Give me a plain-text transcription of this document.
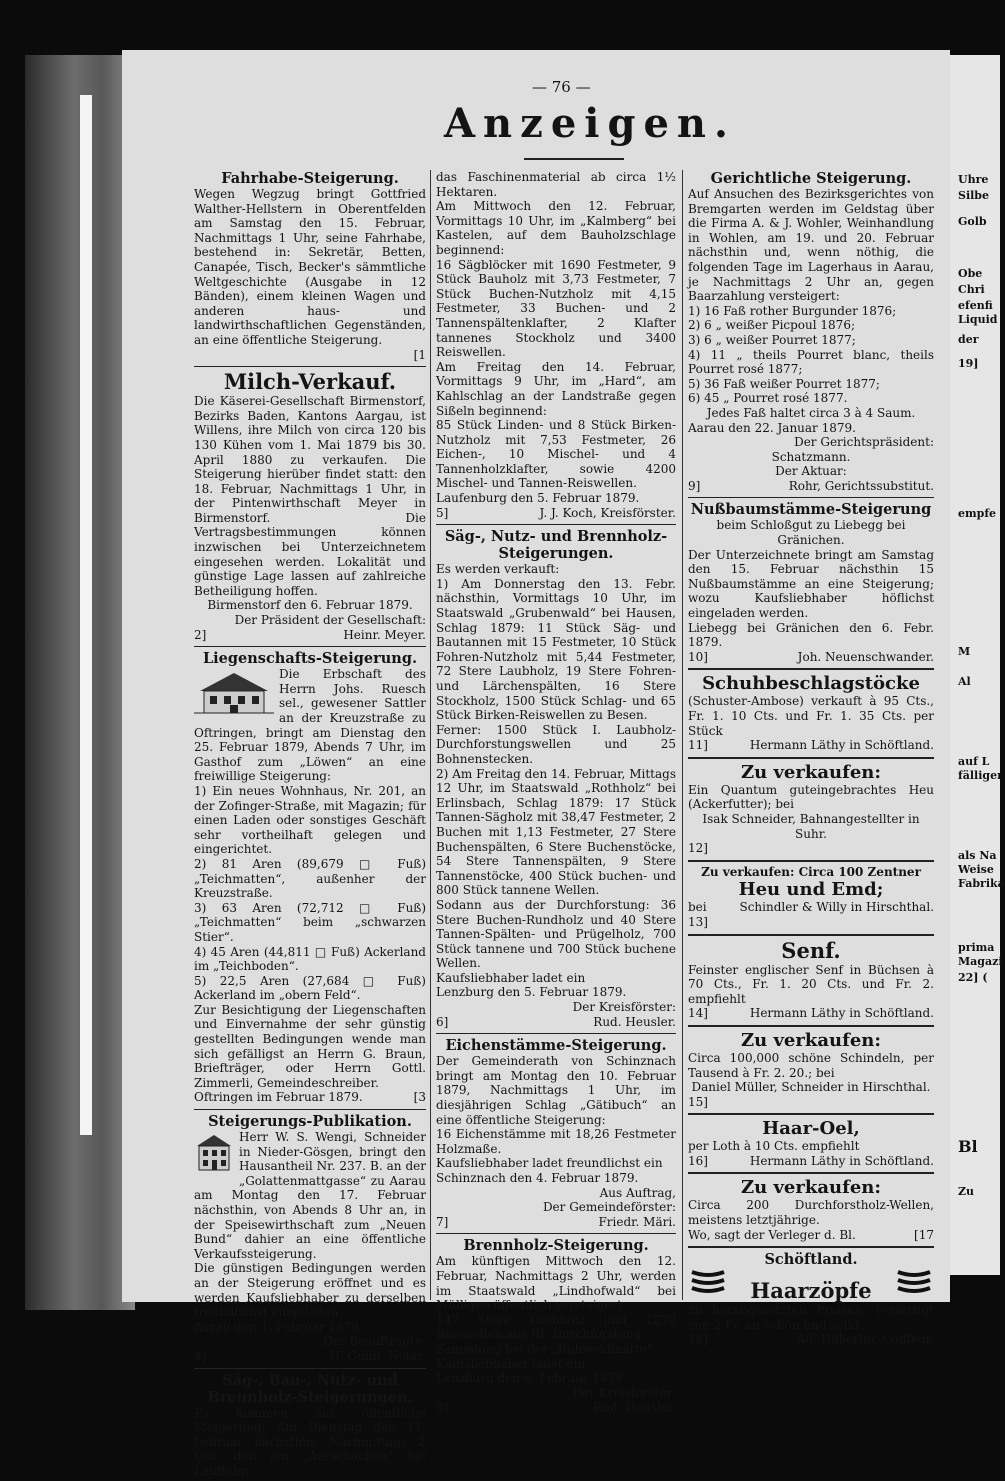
Uhre
Silbe
Golb
Obe
Chri
efenfi
Liquid
der
19]
empfe
M
Al
auf L
fälliger
als Na
Weise
Fabrika
prima
Magazi
22] (
Bl
Zu
— 76 —
Anzeigen.
Fahrhabe-Steigerung.

Wegen Wegzug bringt Gottfried Walther-Hellstern in Oberentfelden am Samstag den 15. Februar, Nachmittags 1 Uhr, seine Fahrhabe, bestehend in: Sekretär, Betten, Canapée, Tisch, Becker's sämmtliche Weltgeschichte (Ausgabe in 12 Bänden), einem kleinen Wagen und anderen haus- und landwirthschaftlichen Gegenständen, an eine öffentliche Steigerung.

[1
Milch-Verkauf.

Die Käserei-Gesellschaft Birmenstorf, Bezirks Baden, Kantons Aargau, ist Willens, ihre Milch von circa 120 bis 130 Kühen vom 1. Mai 1879 bis 30. April 1880 zu verkaufen. Die Steigerung hierüber findet statt: den 18. Februar, Nachmittags 1 Uhr, in der Pintenwirthschaft Meyer in Birmenstorf. Die Vertragsbestimmungen können inzwischen bei Unterzeichnetem eingesehen werden. Lokalität und günstige Lage lassen auf zahlreiche Betheiligung hoffen.

Birmenstorf den 6. Februar 1879.

Der Präsident der Gesellschaft:

2]	Heinr. Meyer.
Liegenschafts-Steigerung.

Die Erbschaft des Herrn Johs. Ruesch sel., gewesener Sattler an der Kreuzstraße zu Oftringen, bringt am Dienstag den 25. Februar 1879, Abends 7 Uhr, im Gasthof zum „Löwen“ an eine freiwillige Steigerung:

1) Ein neues Wohnhaus, Nr. 201, an der Zofinger-Straße, mit Magazin; für einen Laden oder sonstiges Geschäft sehr vortheilhaft gelegen und eingerichtet.

2) 81 Aren (89,679 □ Fuß) „Teichmatten“, außenher der Kreuzstraße.

3) 63 Aren (72,712 □ Fuß) „Teichmatten“ beim „schwarzen Stier“.

4) 45 Aren (44,811 □ Fuß) Ackerland im „Teichboden“.

5) 22,5 Aren (27,684 □ Fuß) Ackerland im „obern Feld“.

Zur Besichtigung der Liegenschaften und Einvernahme der sehr günstig gestellten Bedingungen wende man sich gefälligst an Herrn G. Braun, Briefträger, oder Herrn Gottl. Zimmerli, Gemeindeschreiber.

Oftringen im Februar 1879.	[3
Steigerungs-Publikation.

Herr W. S. Wengi, Schneider in Nieder-Gösgen, bringt den Hausantheil Nr. 237. B. an der „Golattenmattgasse“ zu Aarau am Montag den 17. Februar nächsthin, von Abends 8 Uhr an, in der Speisewirthschaft zum „Neuen Bund“ dahier an eine öffentliche Verkaufssteigerung.

Die günstigen Bedingungen werden an der Steigerung eröffnet und es werden Kaufsliebhaber zu derselben freundlichst eingeladen.

Aarau den 1. Februar 1879.

Der Beauftragte:

4]	H. Guldi, Notar.
Säg-, Bau-, Nutz- und Brennholz-Steigerungen.

Es kommen auf öffentliche Steigerung: Am Dienstag den 11. Februar nächsthin, Nachmittags 2 Uhr, den am „Aarschachen“ bei Lauffohr:

das Faschinenmaterial ab circa 1½ Hektaren.

Am Mittwoch den 12. Februar, Vormittags 10 Uhr, im „Kalmberg“ bei Kastelen, auf dem Bauholzschlage beginnend:

16 Sägblöcker mit 1690 Festmeter, 9 Stück Bauholz mit 3,73 Festmeter, 7 Stück Buchen-Nutzholz mit 4,15 Festmeter, 33 Buchen- und 2 Tannenspältenklafter, 2 Klafter tannenes Stockholz und 3400 Reiswellen.

Am Freitag den 14. Februar, Vormittags 9 Uhr, im „Hard“, am Kahlschlag an der Landstraße gegen Sißeln beginnend:

85 Stück Linden- und 8 Stück Birken-Nutzholz mit 7,53 Festmeter, 26 Eichen-, 10 Mischel- und 4 Tannenholzklafter, sowie 4200 Mischel- und Tannen-Reiswellen.

Laufenburg den 5. Februar 1879.

5]	J. J. Koch, Kreisförster.
Säg-, Nutz- und Brennholz-Steigerungen.

Es werden verkauft:

1) Am Donnerstag den 13. Febr. nächsthin, Vormittags 10 Uhr, im Staatswald „Grubenwald“ bei Hausen, Schlag 1879: 11 Stück Säg- und Bautannen mit 15 Festmeter, 10 Stück Fohren-Nutzholz mit 5,44 Festmeter, 72 Stere Laubholz, 19 Stere Fohren- und Lärchenspälten, 16 Stere Stockholz, 1500 Stück Schlag- und 65 Stück Birken-Reiswellen zu Besen.

Ferner: 1500 Stück I. Laubholz-Durchforstungswellen und 25 Bohnenstecken.

2) Am Freitag den 14. Februar, Mittags 12 Uhr, im Staatswald „Rothholz“ bei Erlinsbach, Schlag 1879: 17 Stück Tannen-Sägholz mit 38,47 Festmeter, 2 Buchen mit 1,13 Festmeter, 27 Stere Buchenspälten, 6 Stere Buchenstöcke, 54 Stere Tannenspälten, 9 Stere Tannenstöcke, 400 Stück buchen- und 800 Stück tannene Wellen.

Sodann aus der Durchforstung: 36 Stere Buchen-Rundholz und 40 Stere Tannen-Spälten- und Prügelholz, 700 Stück tannene und 700 Stück buchene Wellen.

Kaufsliebhaber ladet ein

Lenzburg den 5. Februar 1879.

Der Kreisförster:

6]	Rud. Heusler.
Eichenstämme-Steigerung.

Der Gemeinderath von Schinznach bringt am Montag den 10. Februar 1879, Nachmittags 1 Uhr, im diesjährigen Schlag „Gätibuch“ an eine öffentliche Steigerung:

16 Eichenstämme mit 18,26 Festmeter Holzmaße.

Kaufsliebhaber ladet freundlichst ein

Schinznach den 4. Februar 1879.

Aus Auftrag,

Der Gemeindeförster:

7]	Friedr. Märi.
Brennholz-Steigerung.

Am künftigen Mittwoch den 12. Februar, Nachmittags 2 Uhr, werden im Staatswald „Lindhofwald“ bei Mülligen öffentlich versteigert:

147 Stere Laubholz und 1270 Reiswellen aus III. Durchforstung.

Sammlung bei der „Ruhweidmatte“.

Kaufsliebhaber ladet ein

Lenzburg den 6. Februar 1879.

Der Kreisförster:

8]	Rud. Heusler.
Gerichtliche Steigerung.

Auf Ansuchen des Bezirksgerichtes von Bremgarten werden im Geldstag über die Firma A. & J. Wohler, Weinhandlung in Wohlen, am 19. und 20. Februar nächsthin und, wenn nöthig, die folgenden Tage im Lagerhaus in Aarau, je Nachmittags 2 Uhr an, gegen Baarzahlung versteigert:

1) 16 Faß rother Burgunder 1876;

2) 6 „ weißer Picpoul 1876;

3) 6 „ weißer Pourret 1877;

4) 11 „ theils Pourret blanc, theils Pourret rosé 1877;

5) 36 Faß weißer Pourret 1877;

6) 45 „ Pourret rosé 1877.

Jedes Faß haltet circa 3 à 4 Saum.

Aarau den 22. Januar 1879.

Der Gerichtspräsident:

Schatzmann.

Der Aktuar:

9]	Rohr, Gerichtssubstitut.
Nußbaumstämme-Steigerung

beim Schloßgut zu Liebegg bei Gränichen.

Der Unterzeichnete bringt am Samstag den 15. Februar nächsthin 15 Nußbaumstämme an eine Steigerung; wozu Kaufsliebhaber höflichst eingeladen werden.

Liebegg bei Gränichen den 6. Febr. 1879.

10]	Joh. Neuenschwander.
Schuhbeschlagstöcke

(Schuster-Ambose) verkauft à 95 Cts., Fr. 1. 10 Cts. und Fr. 1. 35 Cts. per Stück

11]	Hermann Läthy in Schöftland.
Zu verkaufen:

Ein Quantum guteingebrachtes Heu (Ackerfutter); bei

Isak Schneider, Bahnangestellter in Suhr.

12]

Zu verkaufen: Circa 100 Zentner

Heu und Emd;
bei	Schindler & Willy in Hirschthal.
13]
Senf.

Feinster englischer Senf in Büchsen à 70 Cts., Fr. 1. 20 Cts. und Fr. 2. empfiehlt

14]	Hermann Läthy in Schöftland.
Zu verkaufen:

Circa 100,000 schöne Schindeln, per Tausend à Fr. 2. 20.; bei

Daniel Müller, Schneider in Hirschthal.

15]
Haar-Oel,

per Loth à 10 Cts. empfiehlt

16]	Hermann Läthy in Schöftland.
Zu verkaufen:

Circa 200 Durchforstholz-Wellen, meistens letztjährige.

Wo, sagt der Verleger d. Bl.	[17
Schöftland.
Haarzöpfe

zu herabgesetzten Preisen, verfertigt von 2 Fr. an schön und solid

18]	Ad. Häberlin, Coiffeur.
